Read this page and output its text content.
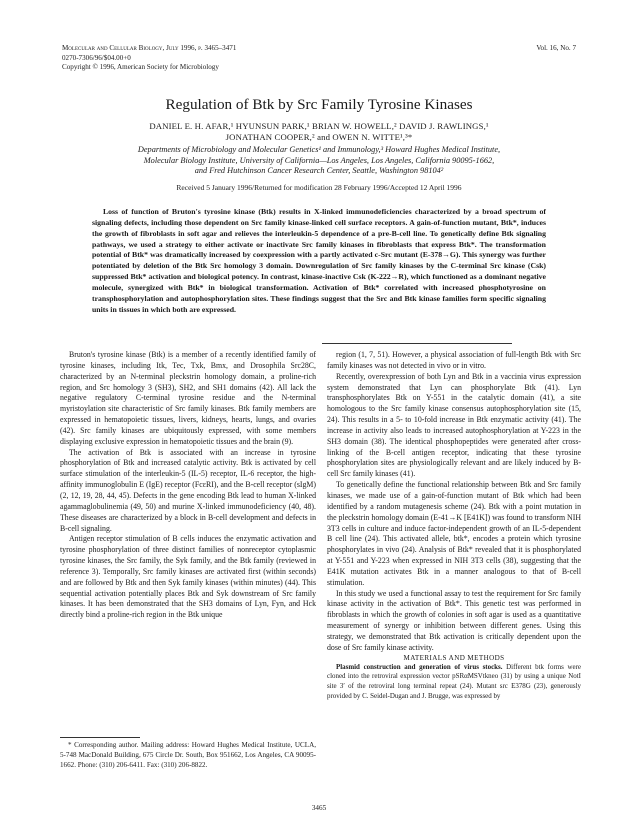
Molecular and Cellular Biology, July 1996, p. 3465–3471
0270-7306/96/$04.00+0
Copyright © 1996, American Society for Microbiology
Vol. 16, No. 7
Regulation of Btk by Src Family Tyrosine Kinases
DANIEL E. H. AFAR,¹ HYUNSUN PARK,¹ BRIAN W. HOWELL,² DAVID J. RAWLINGS,¹
JONATHAN COOPER,² and OWEN N. WITTE¹,³*
Departments of Microbiology and Molecular Genetics¹ and Immunology,³ Howard Hughes Medical Institute,
Molecular Biology Institute, University of California—Los Angeles, Los Angeles, California 90095-1662,
and Fred Hutchinson Cancer Research Center, Seattle, Washington 98104²
Received 5 January 1996/Returned for modification 28 February 1996/Accepted 12 April 1996

Loss of function of Bruton's tyrosine kinase (Btk) results in X-linked immunodeficiencies characterized by a broad spectrum of signaling defects, including those dependent on Src family kinase-linked cell surface receptors. A gain-of-function mutant, Btk*, induces the growth of fibroblasts in soft agar and relieves the interleukin-5 dependence of a pre-B-cell line. To genetically define Btk signaling pathways, we used a strategy to either activate or inactivate Src family kinases in fibroblasts that express Btk*. The transformation potential of Btk* was dramatically increased by coexpression with a partly activated c-Src mutant (E-378→G). This synergy was further potentiated by deletion of the Btk Src homology 3 domain. Downregulation of Src family kinases by the C-terminal Src kinase (Csk) suppressed Btk* activation and biological potency. In contrast, kinase-inactive Csk (K-222→R), which functioned as a dominant negative molecule, synergized with Btk* in biological transformation. Activation of Btk* correlated with increased phosphotyrosine on transphosphorylation and autophosphorylation sites. These findings suggest that the Src and Btk kinase families form specific signaling units in tissues in which both are expressed.

Bruton's tyrosine kinase (Btk) is a member of a recently identified family of tyrosine kinases, including Itk, Tec, Txk, Bmx, and Drosophila Src28C, characterized by an N-terminal pleckstrin homology domain, a proline-rich region, and Src homology 3 (SH3), SH2, and SH1 domains (42). All lack the negative regulatory C-terminal tyrosine residue and the N-terminal myristoylation site characteristic of Src family kinases. Btk family members are expressed in hematopoietic tissues, livers, kidneys, hearts, lungs, and ovaries (42). Src family kinases are ubiquitously expressed, with some members displaying exclusive expression in hematopoietic tissues and the brain (9).

The activation of Btk is associated with an increase in tyrosine phosphorylation of Btk and increased catalytic activity. Btk is activated by cell surface stimulation of the interleukin-5 (IL-5) receptor, IL-6 receptor, the high-affinity immunoglobulin E (IgE) receptor (FcεRI), and the B-cell receptor (sIgM) (2, 12, 19, 28, 44, 45). Defects in the gene encoding Btk lead to human X-linked agammaglobulinemia (49, 50) and murine X-linked immunodeficiency (40, 48). These diseases are characterized by a block in B-cell development and defects in B-cell signaling.

Antigen receptor stimulation of B cells induces the enzymatic activation and tyrosine phosphorylation of three distinct families of nonreceptor cytoplasmic tyrosine kinases, the Src family, the Syk family, and the Btk family (reviewed in reference 3). Temporally, Src family kinases are activated first (within seconds) and are followed by Btk and then Syk family kinases (within minutes) (44). This sequential activation potentially places Btk and Syk downstream of Src family kinases. It has been demonstrated that the SH3 domains of Lyn, Fyn, and Hck directly bind a proline-rich region in the Btk unique

region (1, 7, 51). However, a physical association of full-length Btk with Src family kinases was not detected in vivo or in vitro.

Recently, overexpression of both Lyn and Btk in a vaccinia virus expression system demonstrated that Lyn can phosphorylate Btk (41). Lyn transphosphorylates Btk on Y-551 in the catalytic domain (41), a site homologous to the Src family kinase consensus autophosphorylation site (15, 24). This results in a 5- to 10-fold increase in Btk enzymatic activity (41). The increase in activity also leads to increased autophosphorylation at Y-223 in the SH3 domain (38). The identical phosphopeptides were generated after cross-linking of the B-cell antigen receptor, indicating that these tyrosine phosphorylation sites are physiologically relevant and are likely induced by B-cell Src family kinases (41).

To genetically define the functional relationship between Btk and Src family kinases, we made use of a gain-of-function mutant of Btk which had been identified by a random mutagenesis scheme (24). Btk with a point mutation in the pleckstrin homology domain (E-41→K [E41K]) was found to transform NIH 3T3 cells in culture and induce factor-independent growth of an IL-5-dependent B cell line (24). This activated allele, btk*, encodes a protein which tyrosine phosphorylates in vivo (24). Analysis of Btk* revealed that it is phosphorylated at Y-551 and Y-223 when expressed in NIH 3T3 cells (38), suggesting that the E41K mutation activates Btk in a manner analogous to that of B-cell stimulation.

In this study we used a functional assay to test the requirement for Src family kinase activity in the activation of Btk*. This genetic test was performed in fibroblasts in which the growth of colonies in soft agar is used as a quantitative measurement of synergy or inhibition between different genes. Using this strategy, we demonstrated that Btk activation is critically dependent upon the dose of Src family kinase activity.

MATERIALS AND METHODS

Plasmid construction and generation of virus stocks. Different btk forms were cloned into the retroviral expression vector pSRαMSVtkneo (31) by using a unique NotI site 3′ of the retroviral long terminal repeat (24). Mutant src E378G (23), generously provided by C. Seidel-Dugan and J. Brugge, was expressed by

* Corresponding author. Mailing address: Howard Hughes Medical Institute, UCLA, 5-748 MacDonald Building, 675 Circle Dr. South, Box 951662, Los Angeles, CA 90095-1662. Phone: (310) 206-6411. Fax: (310) 206-8822.

3465
